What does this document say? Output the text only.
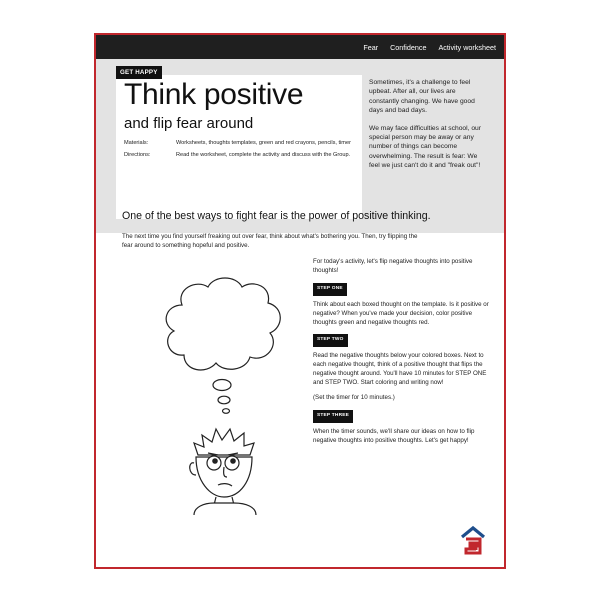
Fear Confidence Activity worksheet
GET HAPPY
Think positive
and flip fear around
Materials:	Worksheets, thoughts templates, green and red crayons, pencils, timer
Directions:	Read the worksheet, complete the activity and discuss with the Group.

Sometimes, it's a challenge to feel upbeat. After all, our lives are constantly changing. We have good days and bad days.

We may face difficulties at school, our special person may be away or any number of things can become overwhelming. The result is fear: We feel we just can't do it and "freak out"!

One of the best ways to fight fear is the power of positive thinking.
The next time you find yourself freaking out over fear, think about what's bothering you. Then, try flipping the fear around to something hopeful and positive.

For today's activity, let's flip negative thoughts into positive thoughts!

STEP ONE

Think about each boxed thought on the template. Is it positive or negative? When you've made your decision, color positive thoughts green and negative thoughts red.

STEP TWO

Read the negative thoughts below your colored boxes. Next to each negative thought, think of a positive thought that flips the negative thought around. You'll have 10 minutes for STEP ONE and STEP TWO. Start coloring and writing now!

(Set the timer for 10 minutes.)

STEP THREE

When the timer sounds, we'll share our ideas on how to flip negative thoughts into positive thoughts. Let's get happy!
